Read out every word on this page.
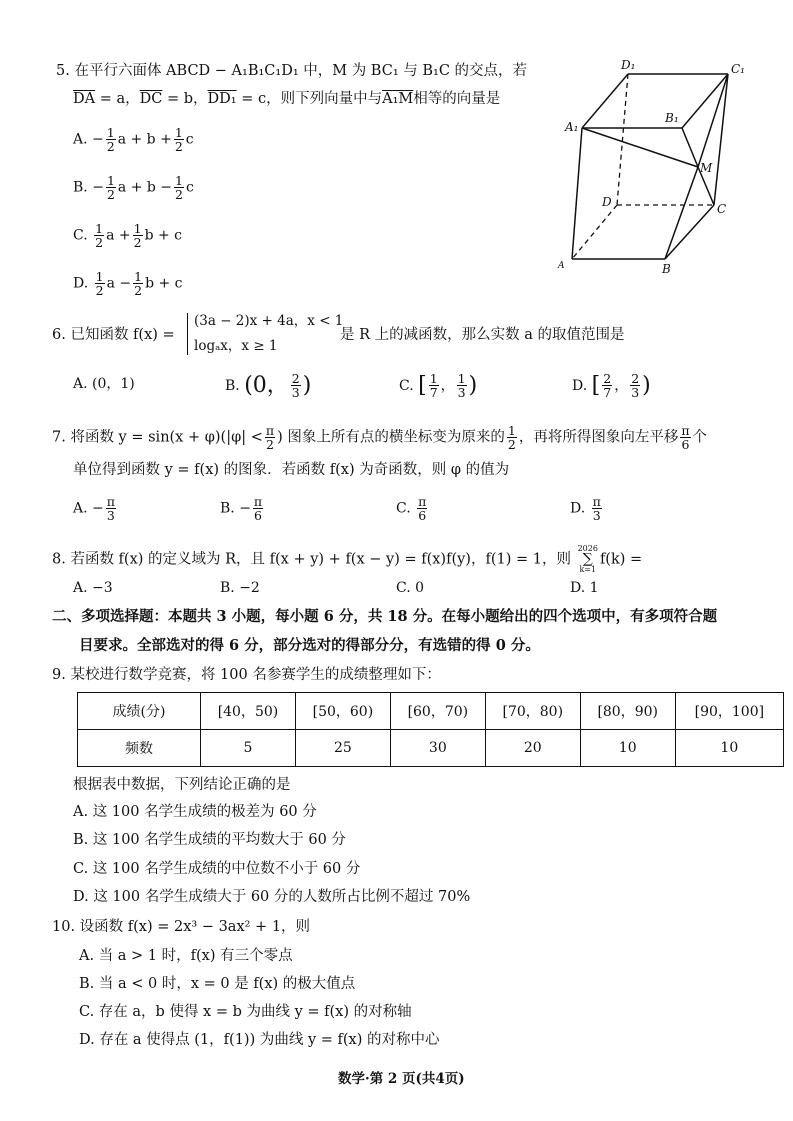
5. 在平行六面体 ABCD − A₁B₁C₁D₁ 中，M 为 BC₁ 与 B₁C 的交点，若
$\overline{DA} = a$，$\overline{DC} = b$，DD₁ = c，则下列向量中与A₁M相等的向量是
A. − $\frac{1}{2}$ $a + b + \frac{1}{2}$ c
B. − $\frac{1}{2}$ $a + b - \frac{1}{2}$ c
C. $\frac{1}{2}$ $a + \frac{1}{2}$ b + c
D. $\frac{1}{2}$ $a - \frac{1}{2}$ b + c
D₁	C₁
A₁
B₁
M
D	C
A	B
6. 已知函数 f(x) =
(3a − 2)x + 4a，x < 1
logₐx，x ≥ 1
是 R 上的减函数，那么实数 a 的取值范围是
A. (0，1)	B. (0， $\frac{2}{3}$ )	C. [ $\frac{1}{7}$ ， $\frac{1}{3}$ )	D. [ $\frac{2}{7}$ ， $\frac{2}{3}$ )
7. 将函数 $y = \sin(x + \varphi)(|\varphi| < \frac{\pi}{2}$ ) 图象上所有点的横坐标变为原来的 $\frac{1}{2}$ ，再将所得图象向左平移 $\frac{\pi}{6}$ 个
单位得到函数 y = f(x) 的图象．若函数 f(x) 为奇函数，则 φ 的值为
A. − $\frac{\pi}{3}$	B. − $\frac{\pi}{6}$	C. $\frac{\pi}{6}$	D. $\frac{\pi}{3}$
8. 若函数 f(x) 的定义域为 R，且 f(x + y) + f(x − y) = f(x)f(y)，f(1) = 1，则
2026
∑
k=1
f(k) =
A. −3	B. −2	C. 0	D. 1
二、多项选择题：本题共 3 小题，每小题 6 分，共 18 分。在每小题给出的四个选项中，有多项符合题
目要求。全部选对的得 6 分，部分选对的得部分分，有选错的得 0 分。
9. 某校进行数学竞赛，将 100 名参赛学生的成绩整理如下：
成绩(分)	[40，50)	[50，60)	[60，70)	[70，80)	[80，90)	[90，100]
频数	5	25	30	20	10	10
根据表中数据，下列结论正确的是
A. 这 100 名学生成绩的极差为 60 分
B. 这 100 名学生成绩的平均数大于 60 分
C. 这 100 名学生成绩的中位数不小于 60 分
D. 这 100 名学生成绩大于 60 分的人数所占比例不超过 70%
10. 设函数 f(x) = 2x³ − 3ax² + 1，则
A. 当 a > 1 时，f(x) 有三个零点
B. 当 a < 0 时，x = 0 是 f(x) 的极大值点
C. 存在 a，b 使得 x = b 为曲线 y = f(x) 的对称轴
D. 存在 a 使得点 (1，f(1)) 为曲线 y = f(x) 的对称中心
数学·第 2 页(共4页)
